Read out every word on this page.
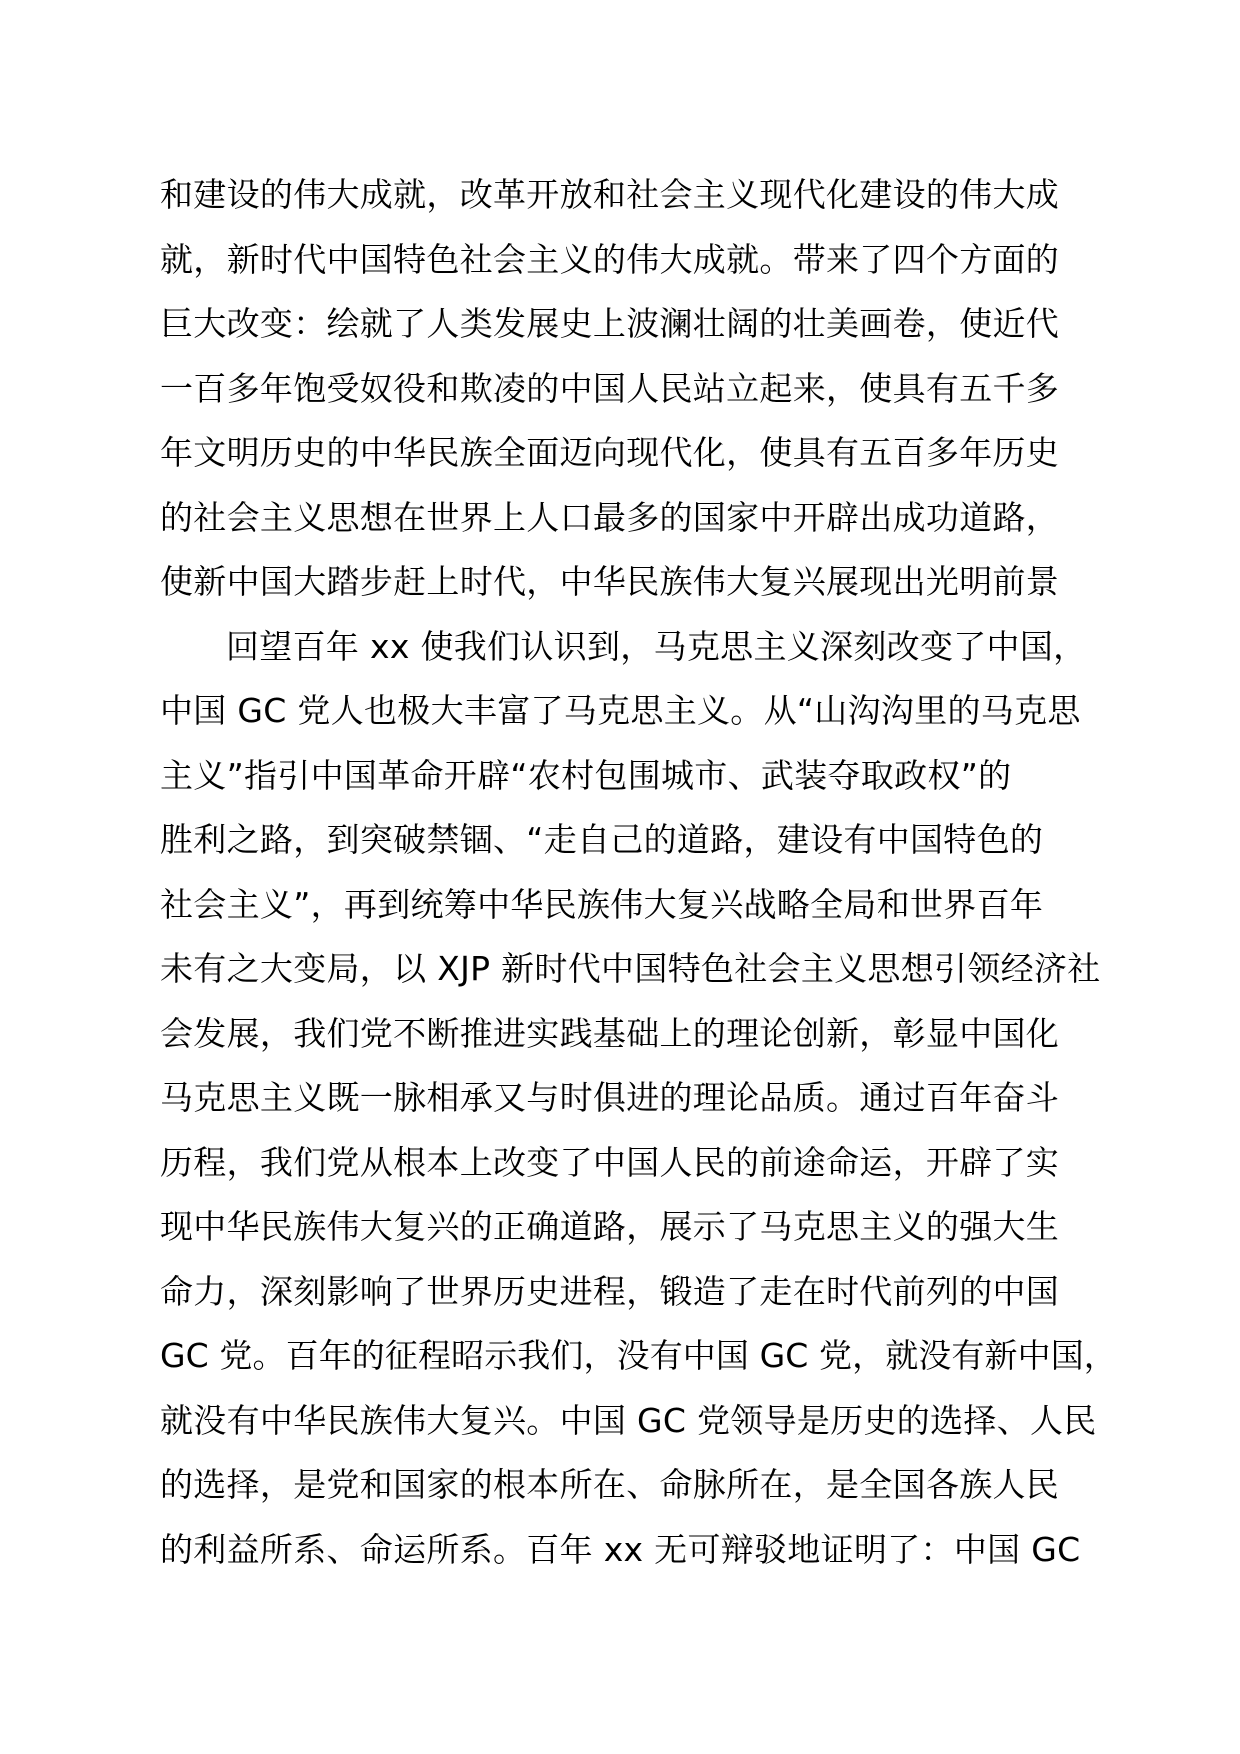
和建设的伟大成就，改革开放和社会主义现代化建设的伟大成
就，新时代中国特色社会主义的伟大成就。带来了四个方面的
巨大改变：绘就了人类发展史上波澜壮阔的壮美画卷，使近代
一百多年饱受奴役和欺凌的中国人民站立起来，使具有五千多
年文明历史的中华民族全面迈向现代化，使具有五百多年历史
的社会主义思想在世界上人口最多的国家中开辟出成功道路，
使新中国大踏步赶上时代，中华民族伟大复兴展现出光明前景
回望百年 xx 使我们认识到，马克思主义深刻改变了中国，
中国 GC 党人也极大丰富了马克思主义。从“山沟沟里的马克思
主义”指引中国革命开辟“农村包围城市、武装夺取政权”的
胜利之路，到突破禁锢、“走自己的道路，建设有中国特色的
社会主义”，再到统筹中华民族伟大复兴战略全局和世界百年
未有之大变局，以 XJP 新时代中国特色社会主义思想引领经济社
会发展，我们党不断推进实践基础上的理论创新，彰显中国化
马克思主义既一脉相承又与时俱进的理论品质。通过百年奋斗
历程，我们党从根本上改变了中国人民的前途命运，开辟了实
现中华民族伟大复兴的正确道路，展示了马克思主义的强大生
命力，深刻影响了世界历史进程，锻造了走在时代前列的中国
GC 党。百年的征程昭示我们，没有中国 GC 党，就没有新中国，
就没有中华民族伟大复兴。中国 GC 党领导是历史的选择、人民
的选择，是党和国家的根本所在、命脉所在，是全国各族人民
的利益所系、命运所系。百年 xx 无可辩驳地证明了：中国 GC
